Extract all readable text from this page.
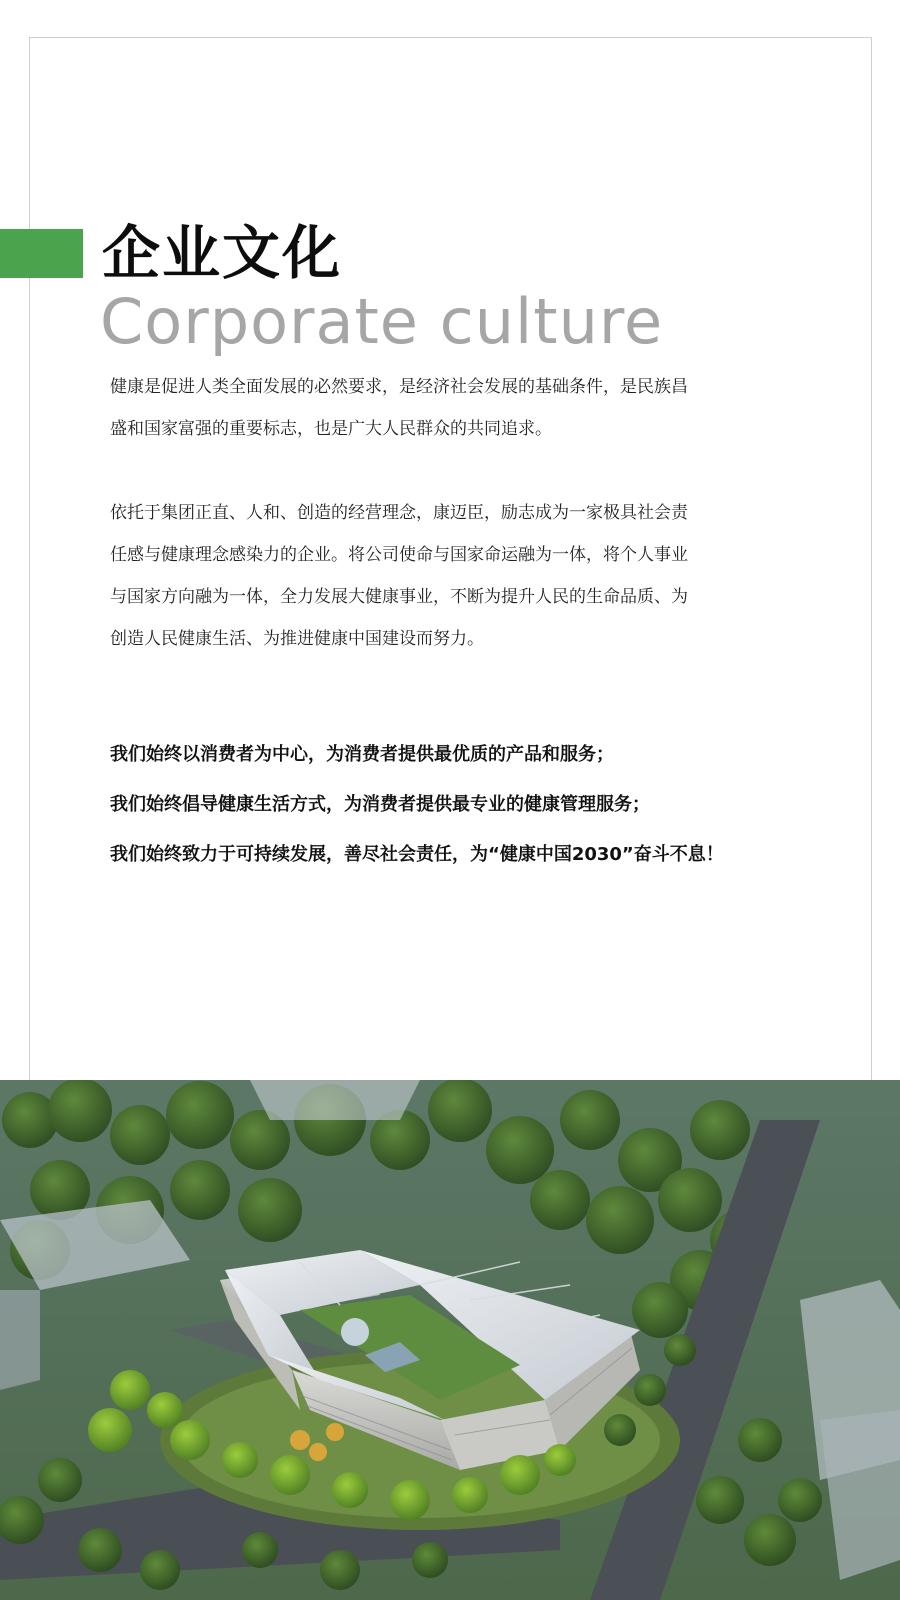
企业文化
Corporate culture
健康是促进人类全面发展的必然要求，是经济社会发展的基础条件，是民族昌
盛和国家富强的重要标志，也是广大人民群众的共同追求。
依托于集团正直、人和、创造的经营理念，康迈臣，励志成为一家极具社会责
任感与健康理念感染力的企业。将公司使命与国家命运融为一体，将个人事业
与国家方向融为一体，全力发展大健康事业，不断为提升人民的生命品质、为
创造人民健康生活、为推进健康中国建设而努力。
我们始终以消费者为中心，为消费者提供最优质的产品和服务；
我们始终倡导健康生活方式，为消费者提供最专业的健康管理服务；
我们始终致力于可持续发展，善尽社会责任，为“健康中国2030”奋斗不息！
